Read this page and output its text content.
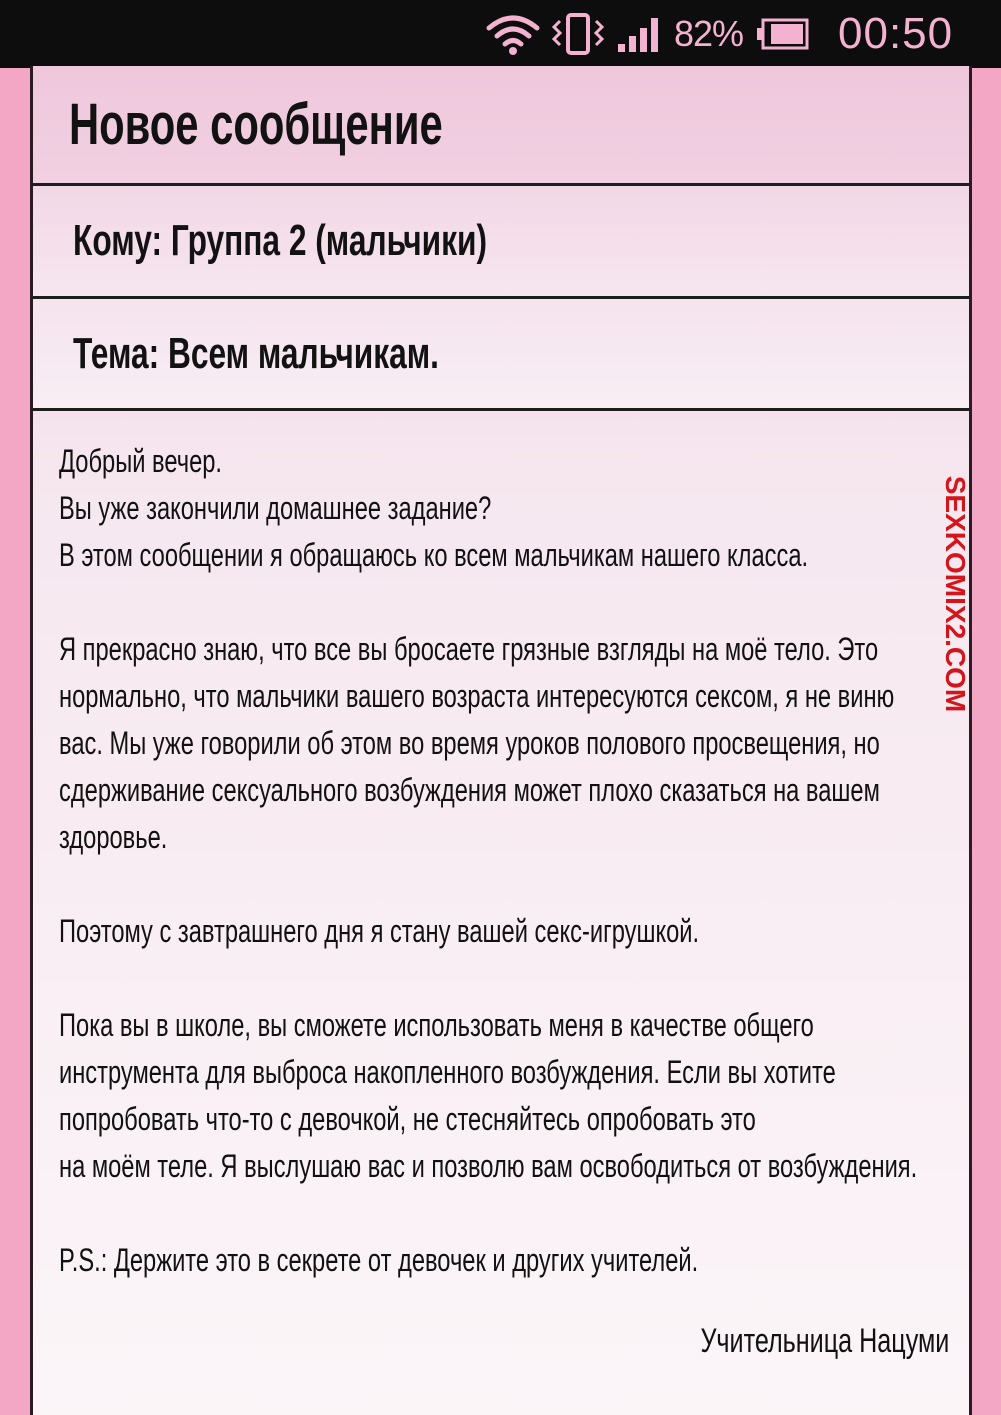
82% 00:50
Новое сообщение
Кому: Группа 2 (мальчики)
Тема: Всем мальчикам.

Добрый вечер.

Вы уже закончили домашнее задание?

В этом сообщении я обращаюсь ко всем мальчикам нашего класса.

Я прекрасно знаю, что все вы бросаете грязные взгляды на моё тело. Это

нормально, что мальчики вашего возраста интересуются сексом, я не виню

вас. Мы уже говорили об этом во время уроков полового просвещения, но

сдерживание сексуального возбуждения может плохо сказаться на вашем

здоровье.

Поэтому с завтрашнего дня я стану вашей секс-игрушкой.

Пока вы в школе, вы сможете использовать меня в качестве общего

инструмента для выброса накопленного возбуждения. Если вы хотите

попробовать что-то с девочкой, не стесняйтесь опробовать это

на моём теле. Я выслушаю вас и позволю вам освободиться от возбуждения.

P.S.: Держите это в секрете от девочек и других учителей.

Учительница Нацуми
SEXKOMIX2.COM
